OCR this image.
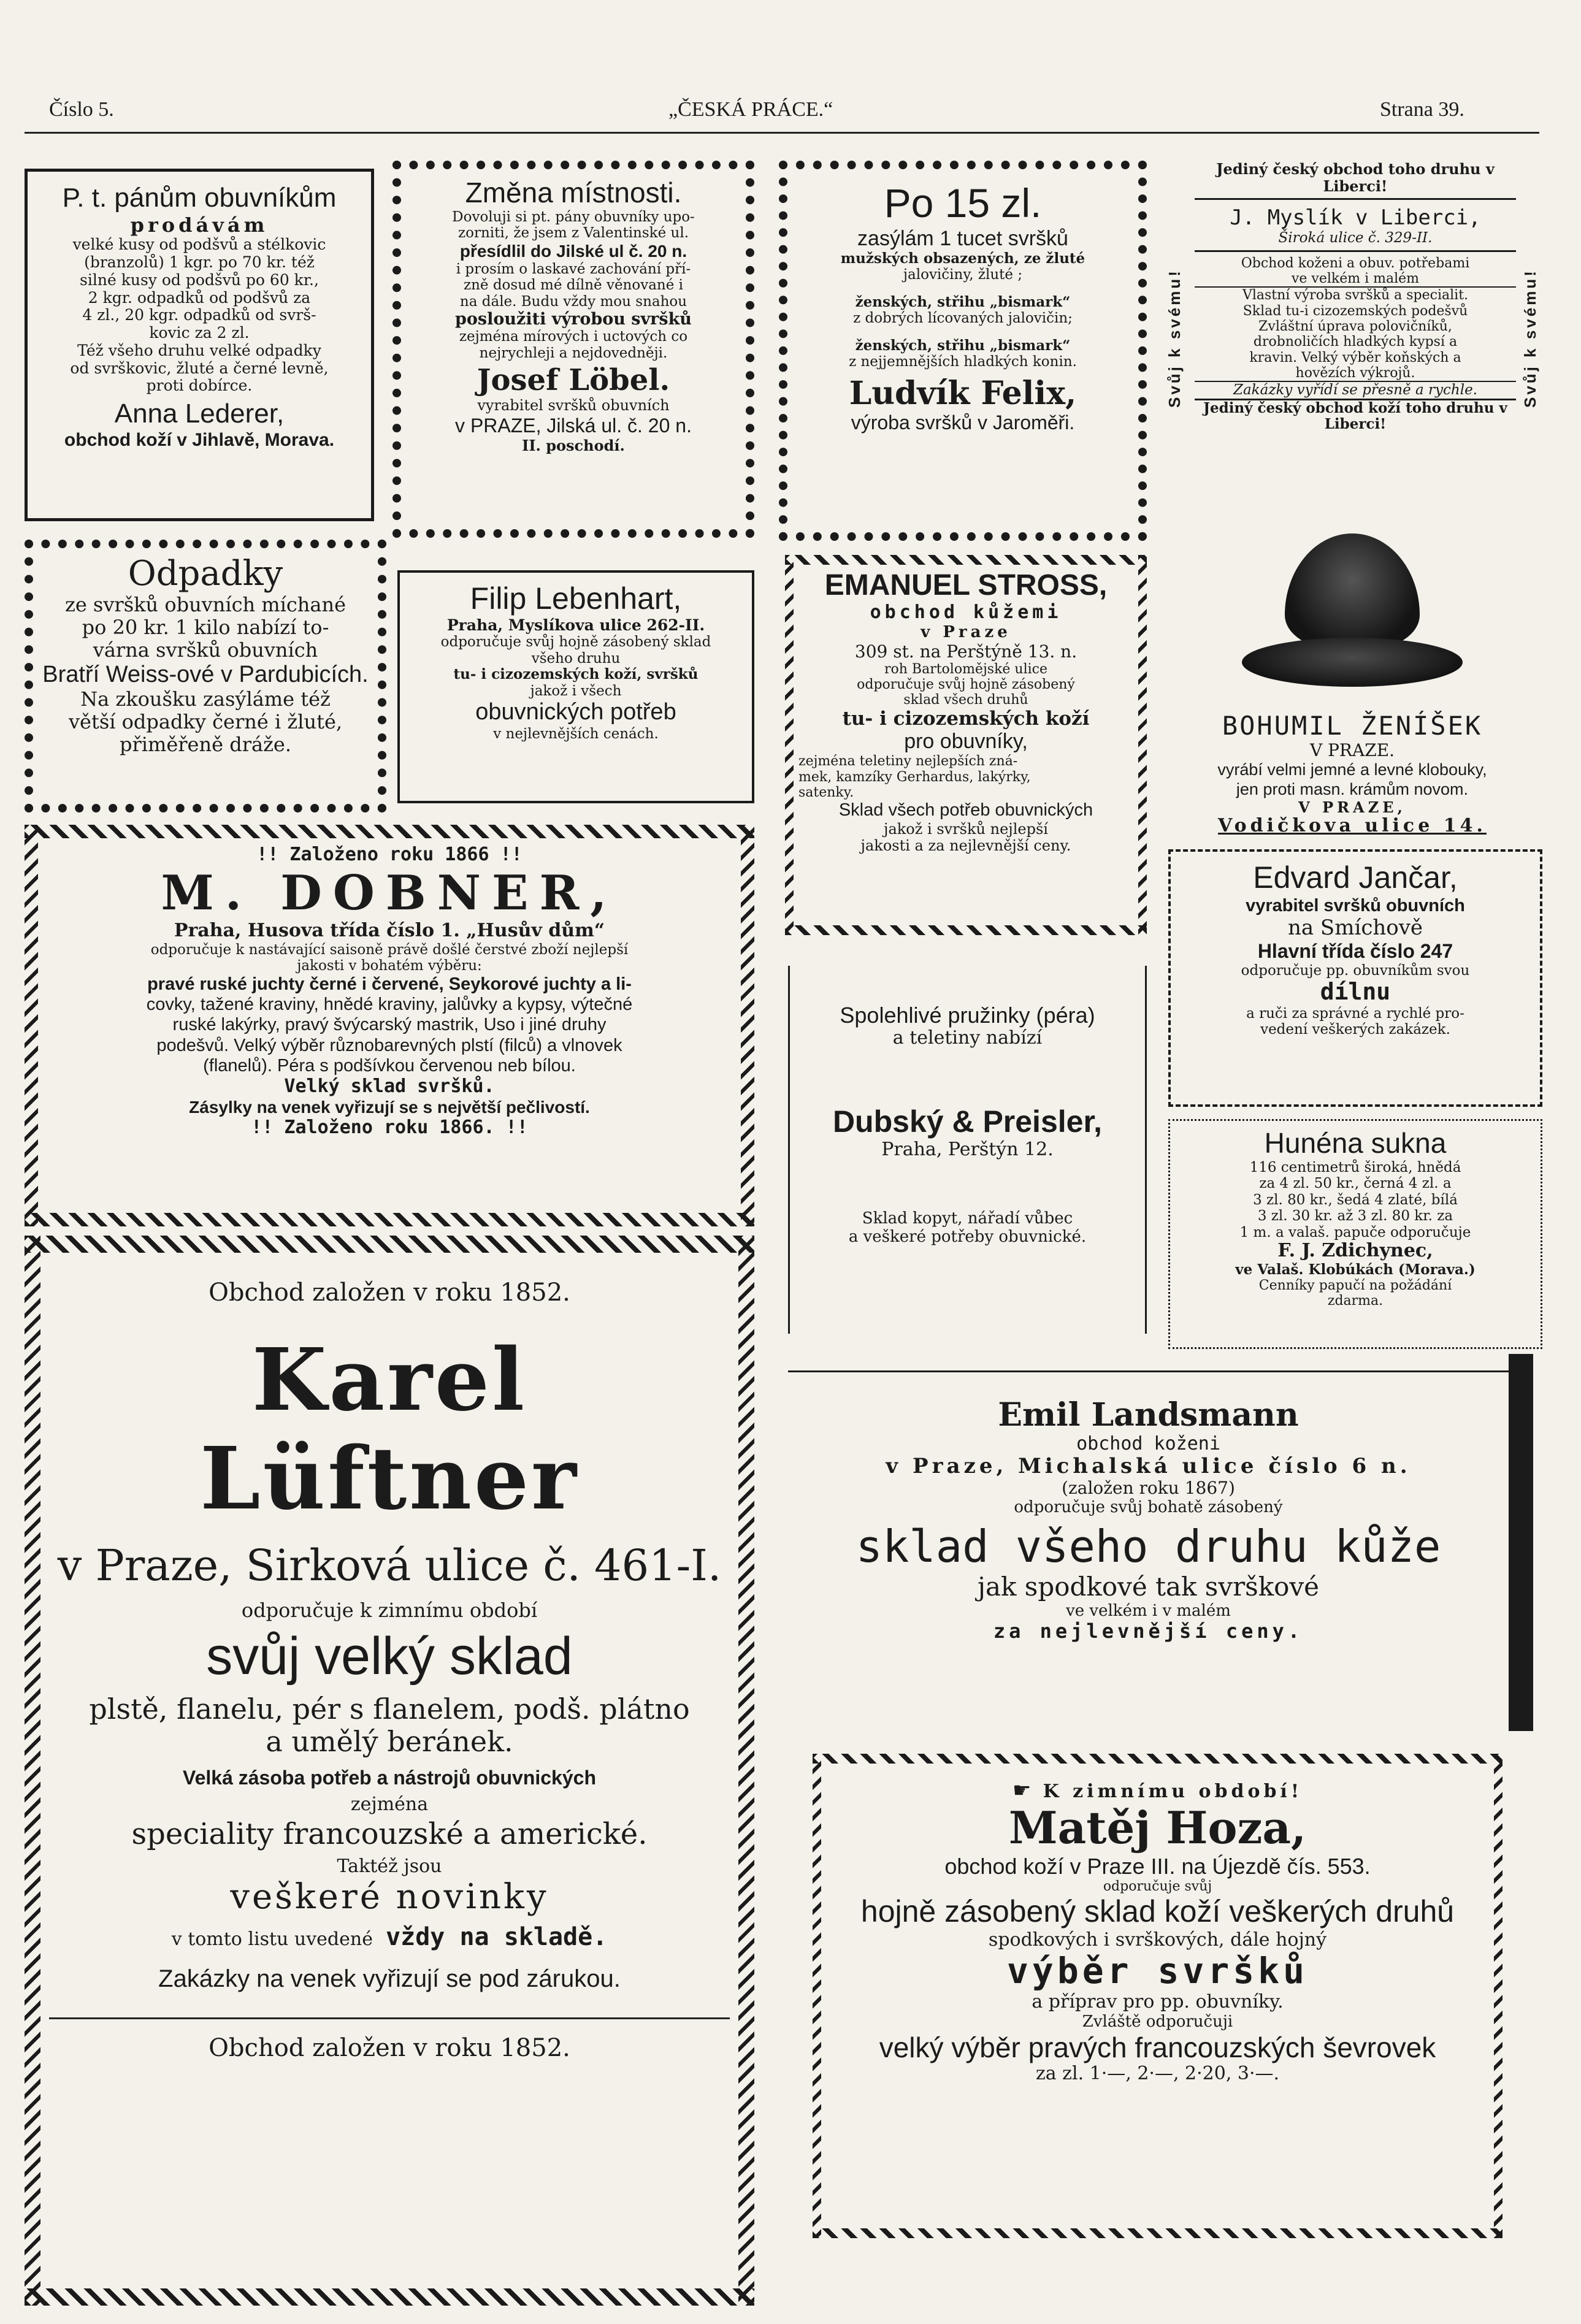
Číslo 5.	„ČESKÁ PRÁCE.“	Strana 39.
P. t. pánům obuvníkům
prodávám
velké kusy od podšvů a stélkovic
(branzolů) 1 kgr. po 70 kr. též
silné kusy od podšvů po 60 kr.,
2 kgr. odpadků od podšvů za
4 zl., 20 kgr. odpadků od svrš-
kovic za 2 zl.
Též všeho druhu velké odpadky
od svrškovic, žluté a černé levně,
proti dobírce.
Anna Lederer,
obchod koží v Jihlavě, Morava.
Změna místnosti.
Dovoluji si pt. pány obuvníky upo-
zorniti, že jsem z Valentinské ul.
přesídlil do Jilské ul č. 20 n.
i prosím o laskavé zachování pří-
zně dosud mé dílně věnované i
na dále. Budu vždy mou snahou
posloužiti výrobou svršků
zejména mírových i uctových co
nejrychleji a nejdovedněji.
Josef Löbel.
vyrabitel svršků obuvních
v PRAZE, Jilská ul. č. 20 n.
II. poschodí.
Po 15 zl.
zasýlám 1 tucet svršků
mužských obsazených, ze žluté
jalovičiny, žluté ;
ženských, střihu „bismark“
z dobrých lícovaných jalovičin;
ženských, střihu „bismark“
z nejjemnějších hladkých konin.
Ludvík Felix,
výroba svršků v Jaroměři.
Svůj k svému!	Svůj k svému!
Jediný český obchod toho druhu v Liberci!
J. Myslík v Liberci,
Široká ulice č. 329-II.
Obchod koženi a obuv. potřebami
ve velkém i malém
Vlastní výroba svršků a specialit.
Sklad tu-i cizozemských podešvů
Zvláštní úprava polovičníků,
drobnoličích hladkých kypsí a
kravin. Velký výběr koňských a
hovězích výkrojů.
Zakázky vyřídí se přesně a rychle.
Jediný český obchod koží toho druhu v Liberci!
Odpadky
ze svršků obuvních míchané
po 20 kr. 1 kilo nabízí to-
várna svršků obuvních
Bratří Weiss-ové v Pardubicích.
Na zkoušku zasýláme též
větší odpadky černé i žluté,
přiměřeně dráže.
Filip Lebenhart,
Praha, Myslíkova ulice 262-II.
odporučuje svůj hojně zásobený sklad
všeho druhu
tu- i cizozemských koží, svršků
jakož i všech
obuvnických potřeb
v nejlevnějších cenách.
EMANUEL STROSS,
obchod kůžemi
v Praze
309 st. na Perštýně 13. n.
roh Bartolomějské ulice
odporučuje svůj hojně zásobený
sklad všech druhů
tu- i cizozemských koží
pro obuvníky,
zejména teletiny nejlepších zná-
mek, kamzíky Gerhardus, lakýrky,
satenky.
Sklad všech potřeb obuvnických
jakož i svršků nejlepší
jakosti a za nejlevnější ceny.
BOHUMIL ŽENÍŠEK
V PRAZE.
vyrábí velmi jemné a levné klobouky,
jen proti masn. krámům novom.
V PRAZE,
Vodičkova ulice 14.
!! Založeno roku 1866 !!
M. DOBNER,
Praha, Husova třída číslo 1. „Husův dům“
odporučuje k nastávající saisoně právě došlé čerstvé zboží nejlepší
jakosti v bohatém výběru:
pravé ruské juchty černé i červené, Seykorové juchty a li-
covky, tažené kraviny, hnědé kraviny, jalůvky a kypsy, výtečné
ruské lakýrky, pravý švýcarský mastrik, Uso i jiné druhy
podešvů. Velký výběr různobarevných plstí (filců) a vlnovek
(flanelů). Péra s podšívkou červenou neb bílou.
Velký sklad svršků.
Zásylky na venek vyřizují se s největší pečlivostí.
!! Založeno roku 1866. !!
Spolehlivé pružinky (péra)
a teletiny nabízí
Dubský & Preisler,
Praha, Perštýn 12.
Sklad kopyt, nářadí vůbec
a veškeré potřeby obuvnické.
Edvard Jančar,
vyrabitel svršků obuvních
na Smíchově
Hlavní třída číslo 247
odporučuje pp. obuvníkům svou
dílnu
a ruči za správné a rychlé pro-
vedení veškerých zakázek.
Hunéna sukna
116 centimetrů široká, hnědá
za 4 zl. 50 kr., černá 4 zl. a
3 zl. 80 kr., šedá 4 zlaté, bílá
3 zl. 30 kr. až 3 zl. 80 kr. za
1 m. a valaš. papuče odporučuje
F. J. Zdichynec,
ve Valaš. Klobúkách (Morava.)
Cenníky papučí na požádání
zdarma.
Obchod založen v roku 1852.
Karel Lüftner
v Praze, Sirková ulice č. 461-I.
odporučuje k zimnímu období
svůj velký sklad
plstě, flanelu, pér s flanelem, podš. plátno
a umělý beránek.
Velká zásoba potřeb a nástrojů obuvnických
zejména
speciality francouzské a americké.
Taktéž jsou
veškeré novinky
v tomto listu uvedené vždy na skladě.
Zakázky na venek vyřizují se pod zárukou.
Obchod založen v roku 1852.
Emil Landsmann
obchod koženi
v Praze, Michalská ulice číslo 6 n.
(založen roku 1867)
odporučuje svůj bohatě zásobený
sklad všeho druhu kůže
jak spodkové tak svrškové
ve velkém i v malém
za nejlevnější ceny.
☛ K zimnímu období!
Matěj Hoza,
obchod koží v Praze III. na Újezdě čís. 553.
odporučuje svůj
hojně zásobený sklad koží veškerých druhů
spodkových i svrškových, dále hojný
výběr svršků
a příprav pro pp. obuvníky.
Zvláště odporučuji
velký výběr pravých francouzských ševrovek
za zl. 1·—, 2·—, 2·20, 3·—.
